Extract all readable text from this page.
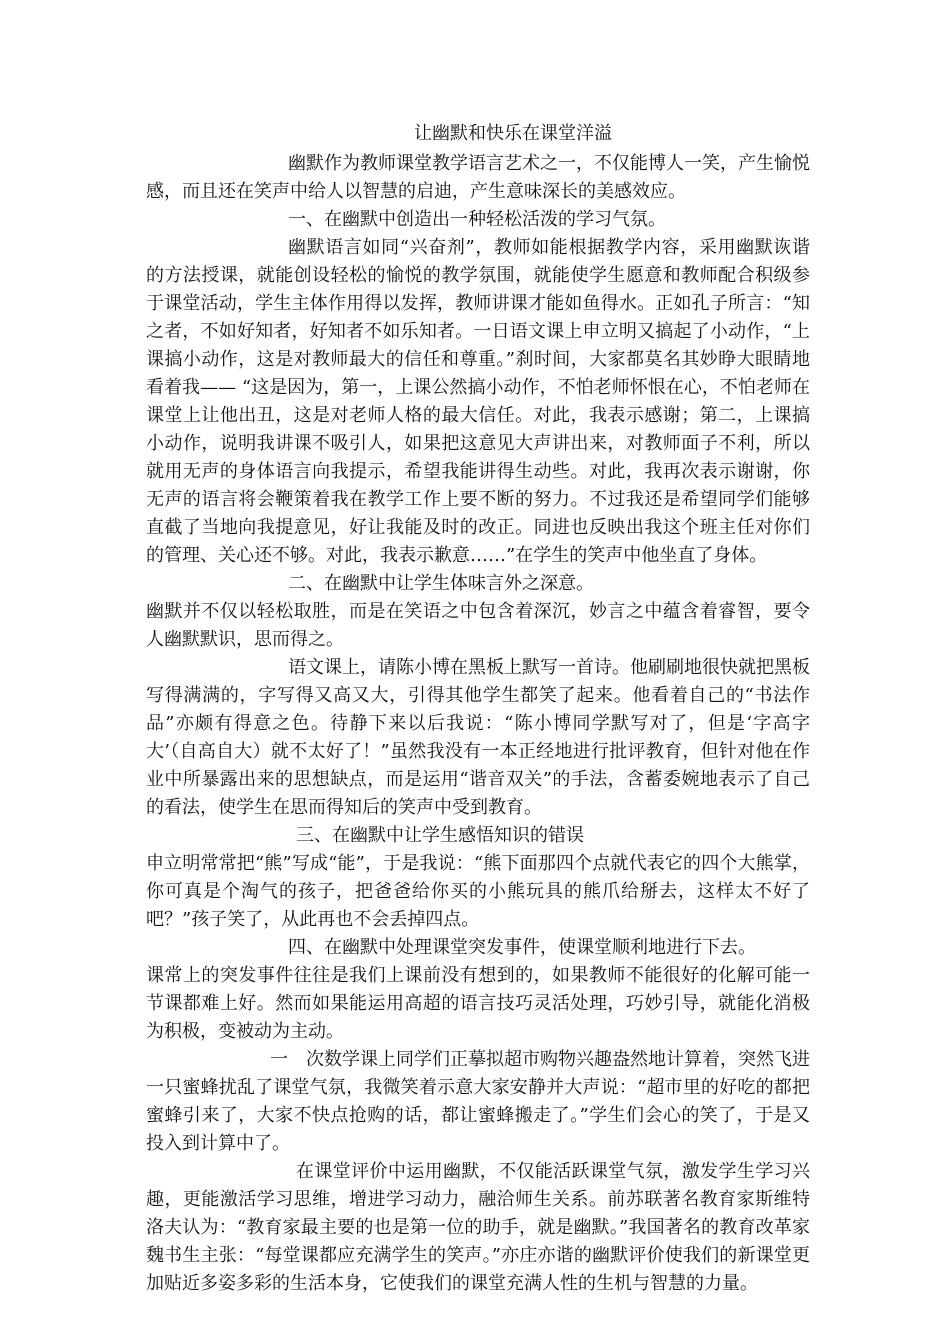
让幽默和快乐在课堂洋溢

幽默作为教师课堂教学语言艺术之一，不仅能博人一笑，产生愉悦感，而且还在笑声中给人以智慧的启迪，产生意味深长的美感效应。

一、在幽默中创造出一种轻松活泼的学习气氛。

幽默语言如同“兴奋剂”，教师如能根据教学内容，采用幽默诙谐的方法授课，就能创设轻松的愉悦的教学氛围，就能使学生愿意和教师配合积级参于课堂活动，学生主体作用得以发挥，教师讲课才能如鱼得水。正如孔子所言：“知之者，不如好知者，好知者不如乐知者。一日语文课上申立明又搞起了小动作，“上课搞小动作，这是对教师最大的信任和尊重。”刹时间，大家都莫名其妙睁大眼睛地看着我—— “这是因为，第一，上课公然搞小动作，不怕老师怀恨在心，不怕老师在课堂上让他出丑，这是对老师人格的最大信任。对此，我表示感谢；第二，上课搞小动作，说明我讲课不吸引人，如果把这意见大声讲出来，对教师面子不利，所以就用无声的身体语言向我提示，希望我能讲得生动些。对此，我再次表示谢谢，你无声的语言将会鞭策着我在教学工作上要不断的努力。不过我还是希望同学们能够直截了当地向我提意见，好让我能及时的改正。同进也反映出我这个班主任对你们的管理、关心还不够。对此，我表示歉意……”在学生的笑声中他坐直了身体。

二、在幽默中让学生体味言外之深意。

幽默并不仅以轻松取胜，而是在笑语之中包含着深沉，妙言之中蕴含着睿智，要令人幽默默识，思而得之。

语文课上，请陈小博在黑板上默写一首诗。他刷刷地很快就把黑板写得满满的，字写得又高又大，引得其他学生都笑了起来。他看着自己的“书法作品”亦颇有得意之色。待静下来以后我说：“陈小博同学默写对了，但是‘字高字大’（自高自大）就不太好了！”虽然我没有一本正经地进行批评教育，但针对他在作业中所暴露出来的思想缺点，而是运用“谐音双关”的手法，含蓄委婉地表示了自己的看法，使学生在思而得知后的笑声中受到教育。

三、在幽默中让学生感悟知识的错误

申立明常常把“熊”写成“能”，于是我说：“熊下面那四个点就代表它的四个大熊掌，你可真是个淘气的孩子，把爸爸给你买的小熊玩具的熊爪给掰去，这样太不好了吧？”孩子笑了，从此再也不会丢掉四点。

四、在幽默中处理课堂突发事件，使课堂顺利地进行下去。

课常上的突发事件往往是我们上课前没有想到的，如果教师不能很好的化解可能一节课都难上好。然而如果能运用高超的语言技巧灵活处理，巧妙引导，就能化消极为积极，变被动为主动。

一　次数学课上同学们正摹拟超市购物兴趣盎然地计算着，突然飞进一只蜜蜂扰乱了课堂气氛，我微笑着示意大家安静并大声说：“超市里的好吃的都把蜜蜂引来了，大家不快点抢购的话，都让蜜蜂搬走了。”学生们会心的笑了，于是又投入到计算中了。

在课堂评价中运用幽默，不仅能活跃课堂气氛，激发学生学习兴趣，更能激活学习思维，增进学习动力，融洽师生关系。前苏联著名教育家斯维特洛夫认为：“教育家最主要的也是第一位的助手，就是幽默。”我国著名的教育改革家魏书生主张：“每堂课都应充满学生的笑声。”亦庄亦谐的幽默评价使我们的新课堂更加贴近多姿多彩的生活本身，它使我们的课堂充满人性的生机与智慧的力量。
